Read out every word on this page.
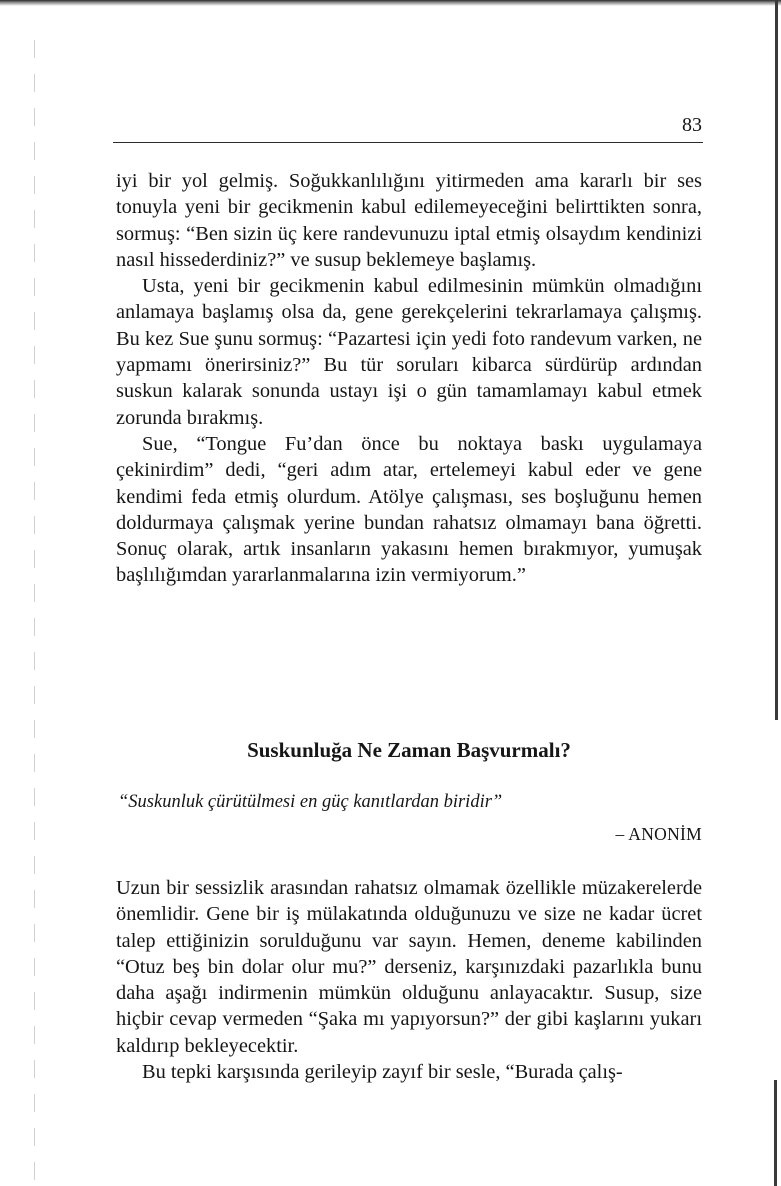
83

iyi bir yol gelmiş. Soğukkanlılığını yitirmeden ama kararlı bir ses tonuyla yeni bir gecikmenin kabul edilemeyeceğini belirttikten sonra, sormuş: “Ben sizin üç kere randevunuzu iptal etmiş olsaydım kendinizi nasıl hissederdiniz?” ve susup beklemeye başlamış.

Usta, yeni bir gecikmenin kabul edilmesinin mümkün olmadığını anlamaya başlamış olsa da, gene gerekçelerini tekrarlamaya çalışmış. Bu kez Sue şunu sormuş: “Pazartesi için yedi foto randevum varken, ne yapmamı önerirsiniz?” Bu tür soruları kibarca sürdürüp ardından suskun kalarak sonunda ustayı işi o gün tamamlamayı kabul etmek zorunda bırakmış.

Sue, “Tongue Fu’dan önce bu noktaya baskı uygulamaya çekinirdim” dedi, “geri adım atar, ertelemeyi kabul eder ve gene kendimi feda etmiş olurdum. Atölye çalışması, ses boşluğunu hemen doldurmaya çalışmak yerine bundan rahatsız olmamayı bana öğretti. Sonuç olarak, artık insanların yakasını hemen bırakmıyor, yumuşak başlılığımdan yararlanmalarına izin vermiyorum.”

Suskunluğa Ne Zaman Başvurmalı?
“Suskunluk çürütülmesi en güç kanıtlardan biridir”
– ANONİM

Uzun bir sessizlik arasından rahatsız olmamak özellikle müzakerelerde önemlidir. Gene bir iş mülakatında olduğunuzu ve size ne kadar ücret talep ettiğinizin sorulduğunu var sayın. Hemen, deneme kabilinden “Otuz beş bin dolar olur mu?” derseniz, karşınızdaki pazarlıkla bunu daha aşağı indirmenin mümkün olduğunu anlayacaktır. Susup, size hiçbir cevap vermeden “Şaka mı yapıyorsun?” der gibi kaşlarını yukarı kaldırıp bekleyecektir.

Bu tepki karşısında gerileyip zayıf bir sesle, “Burada çalış-
